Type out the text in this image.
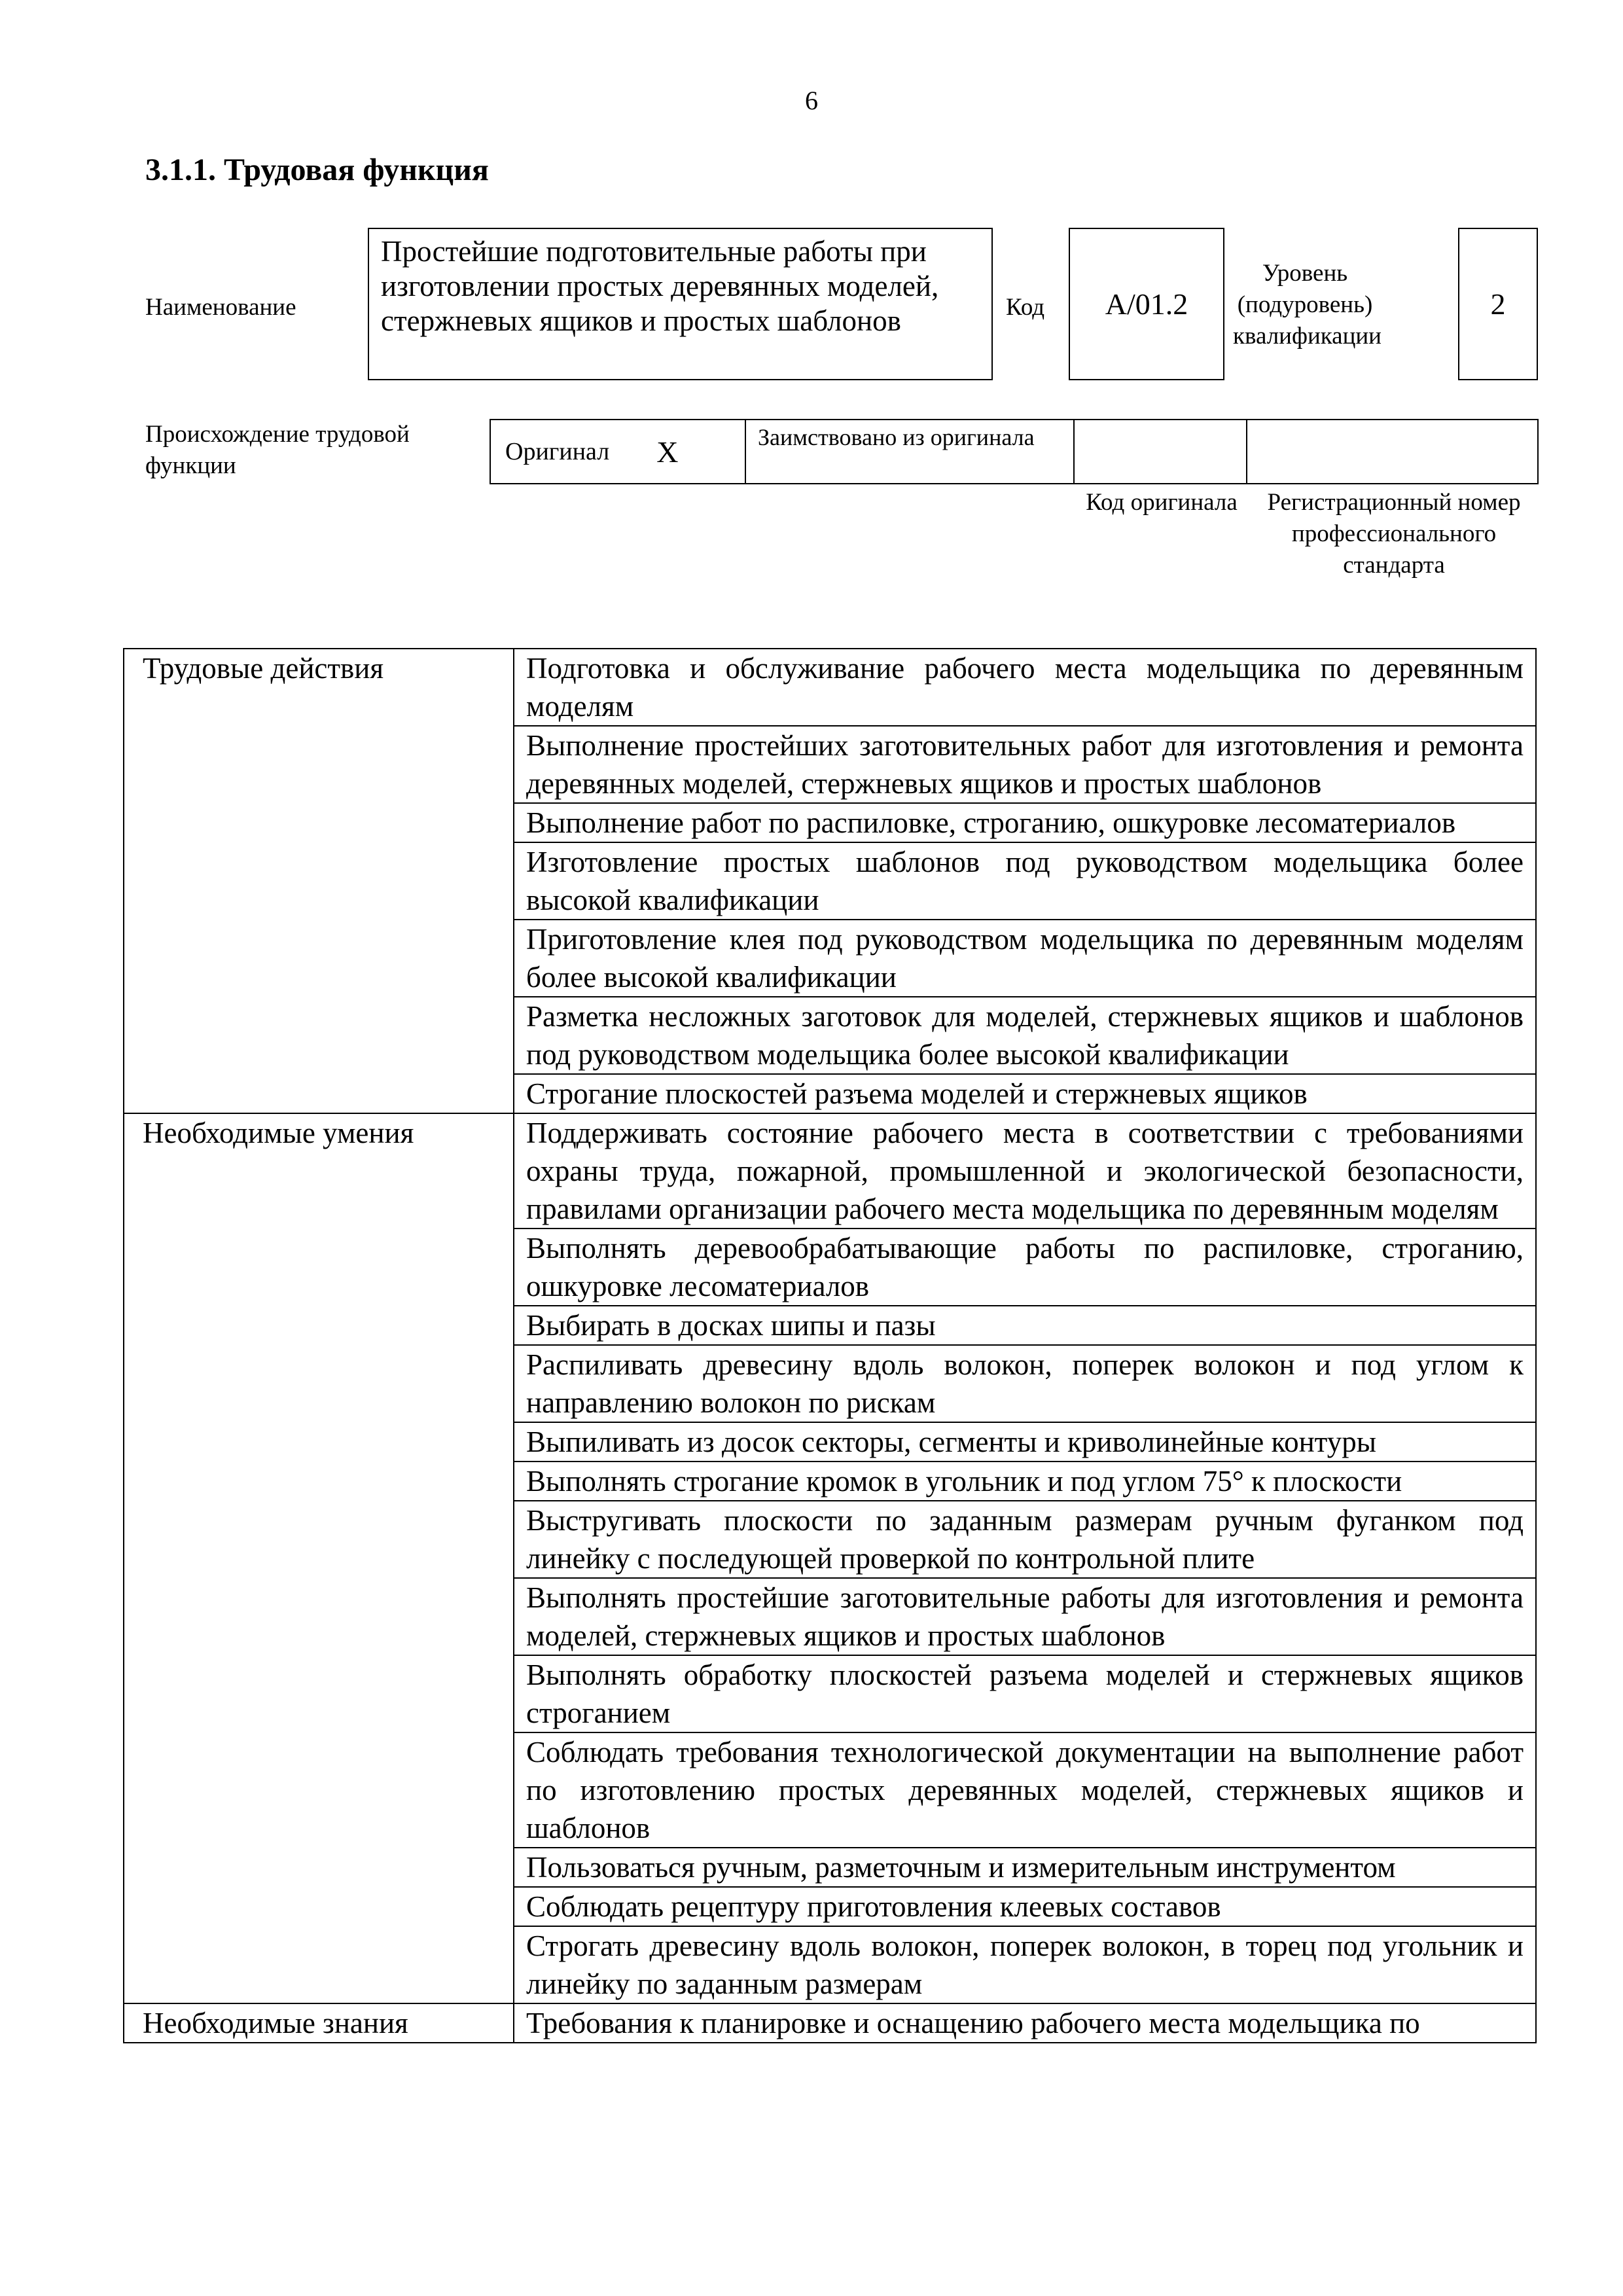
6
3.1.1. Трудовая функция
Наименование
Простейшие подготовительные работы при изготовлении простых деревянных моделей, стержневых ящиков и простых шаблонов	Код	А/01.2
Уровень (подуровень) квалификации
2
Происхождение трудовой функции
Оригинал X	Заимствовано из оригинала
Код оригинала	Регистрационный номер профессионального стандарта
Трудовые действия	Подготовка и обслуживание рабочего места модельщика по деревянным моделям
	Выполнение простейших заготовительных работ для изготовления и ремонта деревянных моделей, стержневых ящиков и простых шаблонов
	Выполнение работ по распиловке, строганию, ошкуровке лесоматериалов
	Изготовление простых шаблонов под руководством модельщика более высокой квалификации
	Приготовление клея под руководством модельщика по деревянным моделям более высокой квалификации
	Разметка несложных заготовок для моделей, стержневых ящиков и шаблонов под руководством модельщика более высокой квалификации
	Строгание плоскостей разъема моделей и стержневых ящиков
Необходимые умения	Поддерживать состояние рабочего места в соответствии с требованиями охраны труда, пожарной, промышленной и экологической безопасности, правилами организации рабочего места модельщика по деревянным моделям
	Выполнять деревообрабатывающие работы по распиловке, строганию, ошкуровке лесоматериалов
	Выбирать в досках шипы и пазы
	Распиливать древесину вдоль волокон, поперек волокон и под углом к направлению волокон по рискам
	Выпиливать из досок секторы, сегменты и криволинейные контуры
	Выполнять строгание кромок в угольник и под углом 75° к плоскости
	Выстругивать плоскости по заданным размерам ручным фуганком под линейку с последующей проверкой по контрольной плите
	Выполнять простейшие заготовительные работы для изготовления и ремонта моделей, стержневых ящиков и простых шаблонов
	Выполнять обработку плоскостей разъема моделей и стержневых ящиков строганием
	Соблюдать требования технологической документации на выполнение работ по изготовлению простых деревянных моделей, стержневых ящиков и шаблонов
	Пользоваться ручным, разметочным и измерительным инструментом
	Соблюдать рецептуру приготовления клеевых составов
	Строгать древесину вдоль волокон, поперек волокон, в торец под угольник и линейку по заданным размерам
Необходимые знания	Требования к планировке и оснащению рабочего места модельщика по
